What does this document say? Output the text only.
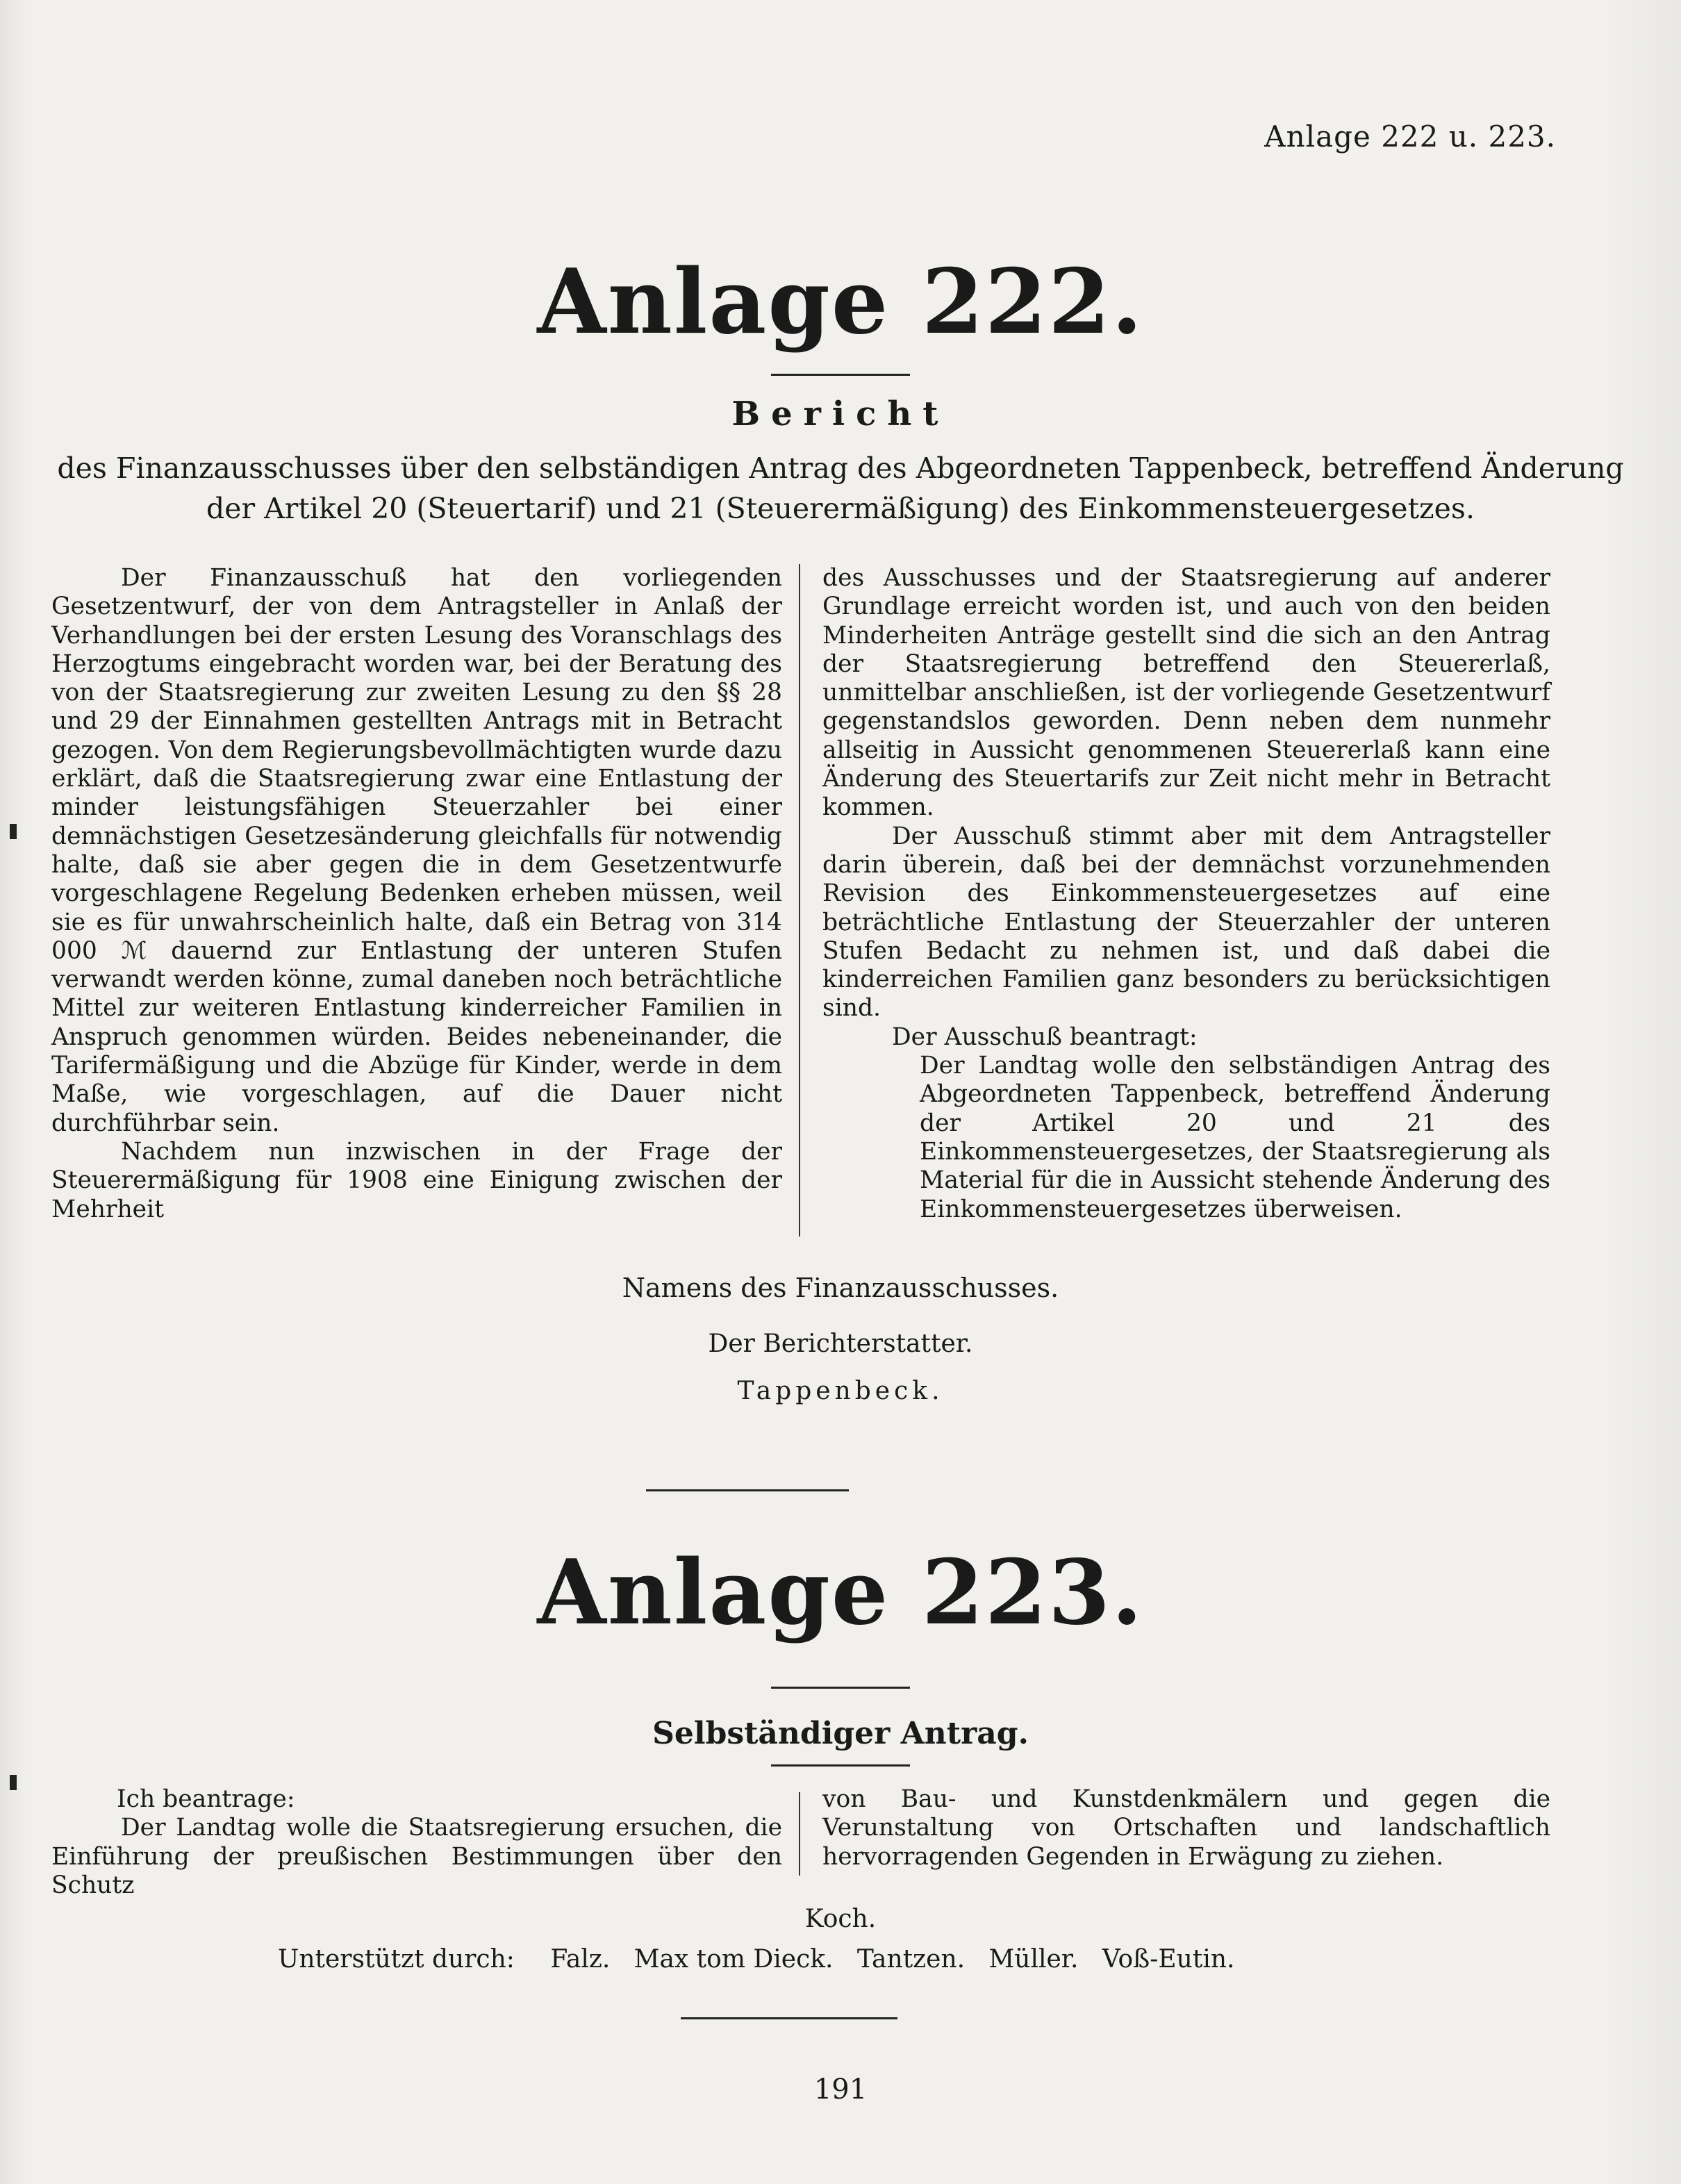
Anlage 222 u. 223.
Anlage 222.
Bericht
des Finanzausschusses über den selbständigen Antrag des Abgeordneten Tappenbeck, betreffend Änderung
der Artikel 20 (Steuertarif) und 21 (Steuerermäßigung) des Einkommensteuergesetzes.

Der Finanzausschuß hat den vorliegenden Gesetzentwurf, der von dem Antragsteller in Anlaß der Verhandlungen bei der ersten Lesung des Voranschlags des Herzogtums eingebracht worden war, bei der Beratung des von der Staatsregierung zur zweiten Lesung zu den §§ 28 und 29 der Einnahmen gestellten Antrags mit in Betracht gezogen. Von dem Regierungsbevollmächtigten wurde dazu erklärt, daß die Staatsregierung zwar eine Entlastung der minder leistungsfähigen Steuerzahler bei einer demnächstigen Gesetzesänderung gleichfalls für notwendig halte, daß sie aber gegen die in dem Gesetzentwurfe vorgeschlagene Regelung Bedenken erheben müssen, weil sie es für unwahrscheinlich halte, daß ein Betrag von 314 000 ℳ dauernd zur Entlastung der unteren Stufen verwandt werden könne, zumal daneben noch beträchtliche Mittel zur weiteren Entlastung kinderreicher Familien in Anspruch genommen würden. Beides nebeneinander, die Tarifermäßigung und die Abzüge für Kinder, werde in dem Maße, wie vorgeschlagen, auf die Dauer nicht durchführbar sein.

Nachdem nun inzwischen in der Frage der Steuerermäßigung für 1908 eine Einigung zwischen der Mehrheit

des Ausschusses und der Staatsregierung auf anderer Grundlage erreicht worden ist, und auch von den beiden Minderheiten Anträge gestellt sind die sich an den Antrag der Staatsregierung betreffend den Steuererlaß, unmittelbar anschließen, ist der vorliegende Gesetzentwurf gegenstandslos geworden. Denn neben dem nunmehr allseitig in Aussicht genommenen Steuererlaß kann eine Änderung des Steuertarifs zur Zeit nicht mehr in Betracht kommen.

Der Ausschuß stimmt aber mit dem Antragsteller darin überein, daß bei der demnächst vorzunehmenden Revision des Einkommensteuergesetzes auf eine beträchtliche Entlastung der Steuerzahler der unteren Stufen Bedacht zu nehmen ist, und daß dabei die kinderreichen Familien ganz besonders zu berücksichtigen sind.

Der Ausschuß beantragt:

Der Landtag wolle den selbständigen Antrag des Abgeordneten Tappenbeck, betreffend Änderung der Artikel 20 und 21 des Einkommensteuergesetzes, der Staatsregierung als Material für die in Aussicht stehende Änderung des Einkommensteuergesetzes überweisen.

Namens des Finanzausschusses.
Der Berichterstatter.
Tappenbeck.
Anlage 223.
Selbständiger Antrag.

Ich beantrage:

Der Landtag wolle die Staatsregierung ersuchen, die Einführung der preußischen Bestimmungen über den Schutz

von Bau- und Kunstdenkmälern und gegen die Verunstaltung von Ortschaften und landschaftlich hervorragenden Gegenden in Erwägung zu ziehen.

Koch.
Unterstützt durch: Falz.   Max tom Dieck.   Tantzen.   Müller.   Voß-Eutin.
191
